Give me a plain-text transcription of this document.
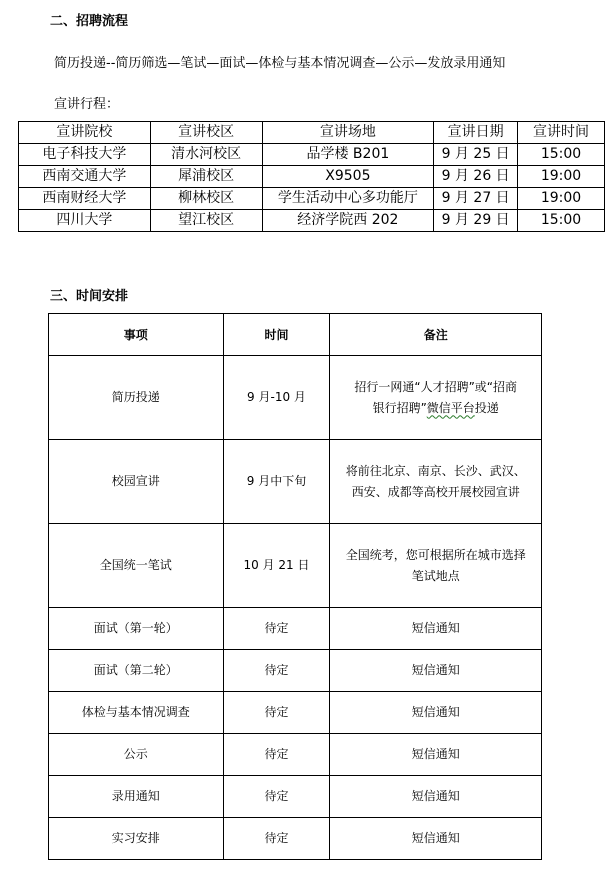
二、招聘流程
简历投递--简历筛选—笔试—面试—体检与基本情况调查—公示—发放录用通知
宣讲行程：
宣讲院校	宣讲校区	宣讲场地	宣讲日期	宣讲时间
电子科技大学	清水河校区	品学楼 B201	9 月 25 日	15:00
西南交通大学	犀浦校区	X9505	9 月 26 日	19:00
西南财经大学	柳林校区	学生活动中心多功能厅	9 月 27 日	19:00
四川大学	望江校区	经济学院西 202	9 月 29 日	15:00
三、时间安排
事项	时间	备注
简历投递	9 月-10 月	招行一网通“人才招聘”或“招商
银行招聘”微信平台投递

校园宣讲	9 月中下旬	将前往北京、南京、长沙、武汉、
西安、成都等高校开展校园宣讲

全国统一笔试	10 月 21 日	全国统考，您可根据所在城市选择
笔试地点

面试（第一轮）	待定	短信通知
面试（第二轮）	待定	短信通知
体检与基本情况调查	待定	短信通知
公示	待定	短信通知
录用通知	待定	短信通知
实习安排	待定	短信通知
